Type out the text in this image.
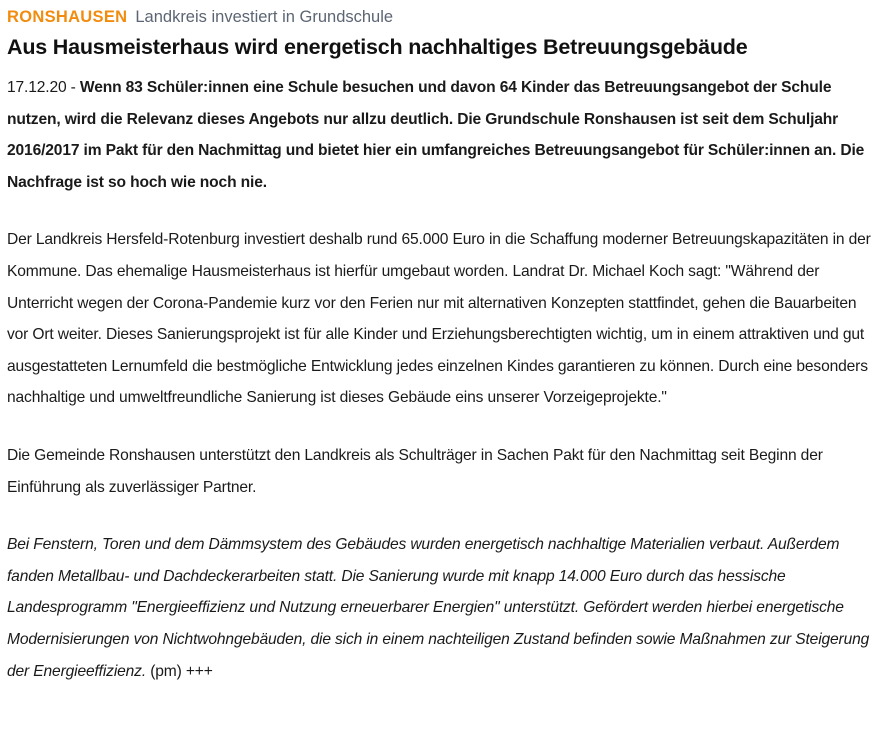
RONSHAUSEN Landkreis investiert in Grundschule
Aus Hausmeisterhaus wird energetisch nachhaltiges Betreuungsgebäude

17.12.20 - Wenn 83 Schüler:innen eine Schule besuchen und davon 64 Kinder das Betreuungsangebot der Schule nutzen, wird die Relevanz dieses Angebots nur allzu deutlich. Die Grundschule Ronshausen ist seit dem Schuljahr 2016/2017 im Pakt für den Nachmittag und bietet hier ein umfangreiches Betreuungsangebot für Schüler:innen an. Die Nachfrage ist so hoch wie noch nie.

Der Landkreis Hersfeld-Rotenburg investiert deshalb rund 65.000 Euro in die Schaffung moderner Betreuungskapazitäten in der Kommune. Das ehemalige Hausmeisterhaus ist hierfür umgebaut worden. Landrat Dr. Michael Koch sagt: "Während der Unterricht wegen der Corona-Pandemie kurz vor den Ferien nur mit alternativen Konzepten stattfindet, gehen die Bauarbeiten vor Ort weiter. Dieses Sanierungsprojekt ist für alle Kinder und Erziehungsberechtigten wichtig, um in einem attraktiven und gut ausgestatteten Lernumfeld die bestmögliche Entwicklung jedes einzelnen Kindes garantieren zu können. Durch eine besonders nachhaltige und umweltfreundliche Sanierung ist dieses Gebäude eins unserer Vorzeigeprojekte."

Die Gemeinde Ronshausen unterstützt den Landkreis als Schulträger in Sachen Pakt für den Nachmittag seit Beginn der Einführung als zuverlässiger Partner.

Bei Fenstern, Toren und dem Dämmsystem des Gebäudes wurden energetisch nachhaltige Materialien verbaut. Außerdem fanden Metallbau- und Dachdeckerarbeiten statt. Die Sanierung wurde mit knapp 14.000 Euro durch das hessische Landesprogramm "Energieeffizienz und Nutzung erneuerbarer Energien" unterstützt. Gefördert werden hierbei energetische Modernisierungen von Nichtwohngebäuden, die sich in einem nachteiligen Zustand befinden sowie Maßnahmen zur Steigerung der Energieeffizienz. (pm) +++
